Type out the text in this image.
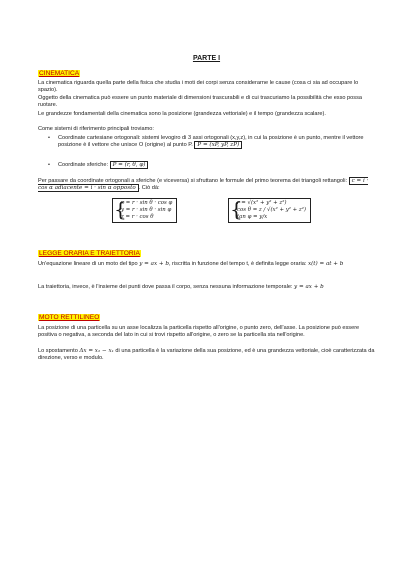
PARTE I
CINEMATICA

La cinematica riguarda quella parte della fisica che studia i moti dei corpi senza considerarne le cause (cosa ci sia ad occupare lo spazio).

Oggetto della cinematica può essere un punto materiale di dimensioni trascurabili e di cui trascuriamo la possibilità che esso possa ruotare.

Le grandezze fondamentali della cinematica sono la posizione (grandezza vettoriale) e il tempo (grandezza scalare).

Come sistemi di riferimento principali troviamo:

• Coordinate cartesiane ortogonali: sistemi levogiro di 3 assi ortogonali (x,y,z), in cui la posizione è un punto, mentre il vettore posizione è il vettore che unisce O (origine) al punto P. P = (xP, yP, zP)

• Coordinate sferiche: P = (r, θ, φ)

Per passare da coordinate ortogonali a sferiche (e viceversa) si sfruttano le formule del primo teorema dei triangoli rettangoli: c = i · cos α adiacente = i · sin α opposto . Ciò dà:

{ x = r · sin θ · cos φ
y = r · sin θ · sin φ
z = r · cos θ
{ r = √(x² + y² + z²)
cos θ = z / √(x² + y² + z²)
tan φ = y/x
LEGGE ORARIA E TRAIETTORIA

Un'equazione lineare di un moto del tipo y = ax + b, riscritta in funzione del tempo t, è definita legge oraria: x(t) = at + b

La traiettoria, invece, è l'insieme dei punti dove passa il corpo, senza nessuna informazione temporale: y = ax + b

MOTO RETTILINEO

La posizione di una particella su un asse localizza la particella rispetto all'origine, o punto zero, dell'asse. La posizione può essere positiva o negativa, a seconda del lato in cui si trovi rispetto all'origine, o zero se la particella sta nell'origine.

Lo spostamento Δx = x₂ − x₁ di una particella è la variazione della sua posizione, ed è una grandezza vettoriale, cioè caratterizzata da direzione, verso e modulo.
